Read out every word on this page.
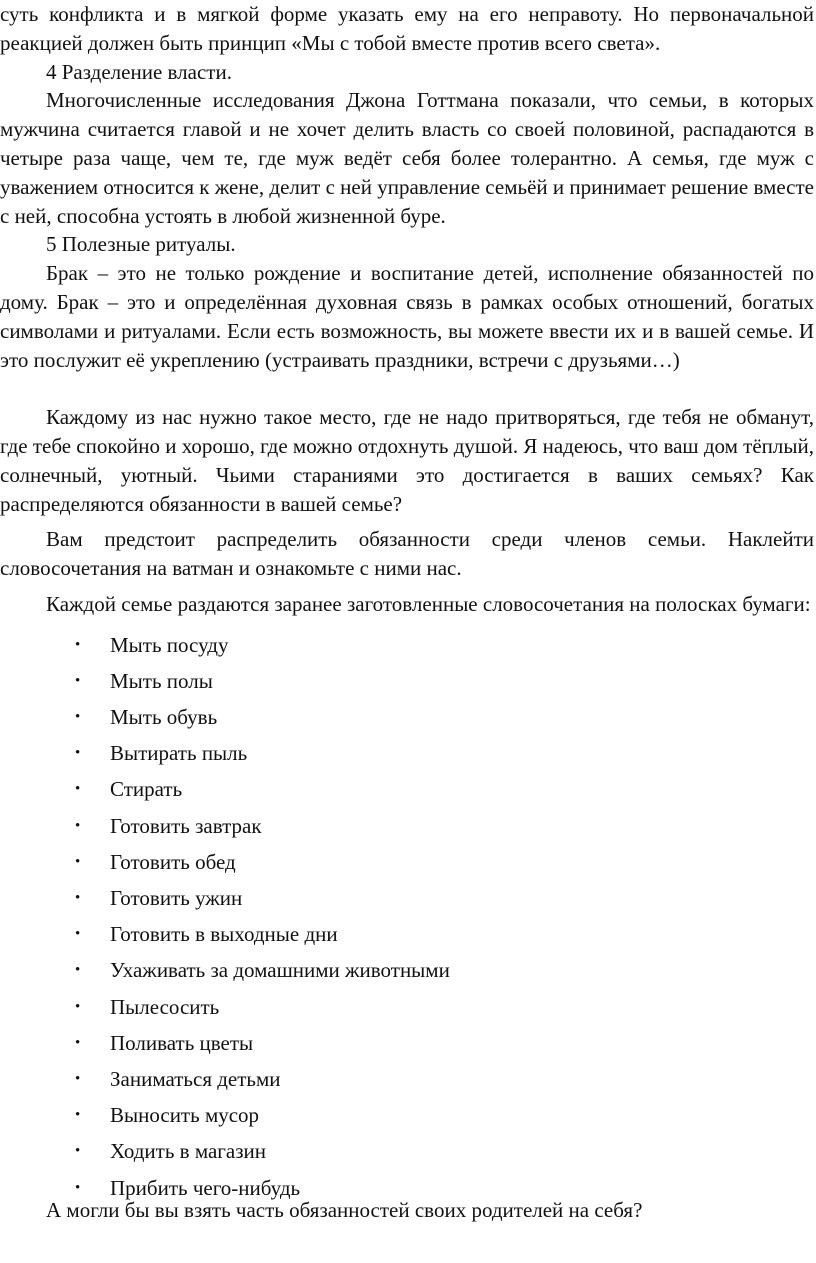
суть конфликта и в мягкой форме указать ему на его неправоту. Но первоначальной реакцией должен быть принцип «Мы с тобой вместе против всего света».

4 Разделение власти.

Многочисленные исследования Джона Готтмана показали, что семьи, в которых мужчина считается главой и не хочет делить власть со своей половиной, распадаются в четыре раза чаще, чем те, где муж ведёт себя более толерантно. А семья, где муж с уважением относится к жене, делит с ней управление семьёй и принимает решение вместе с ней, способна устоять в любой жизненной буре.

5 Полезные ритуалы.

Брак – это не только рождение и воспитание детей, исполнение обязанностей по дому. Брак – это и определённая духовная связь в рамках особых отношений, богатых символами и ритуалами. Если есть возможность, вы можете ввести их и в вашей семье. И это послужит её укреплению (устраивать праздники, встречи с друзьями…)

Каждому из нас нужно такое место, где не надо притворяться, где тебя не обманут, где тебе спокойно и хорошо, где можно отдохнуть душой. Я надеюсь, что ваш дом тёплый, солнечный, уютный. Чьими стараниями это достигается в ваших семьях? Как распределяются обязанности в вашей семье?

Вам предстоит распределить обязанности среди членов семьи. Наклейти словосочетания на ватман и ознакомьте с ними нас.

Каждой семье раздаются заранее заготовленные словосочетания на полосках бумаги:

• Мыть посуду
• Мыть полы
• Мыть обувь
• Вытирать пыль
• Стирать
• Готовить завтрак
• Готовить обед
• Готовить ужин
• Готовить в выходные дни
• Ухаживать за домашними животными
• Пылесосить
• Поливать цветы
• Заниматься детьми
• Выносить мусор
• Ходить в магазин
• Прибить чего-нибудь

А могли бы вы взять часть обязанностей своих родителей на себя?
